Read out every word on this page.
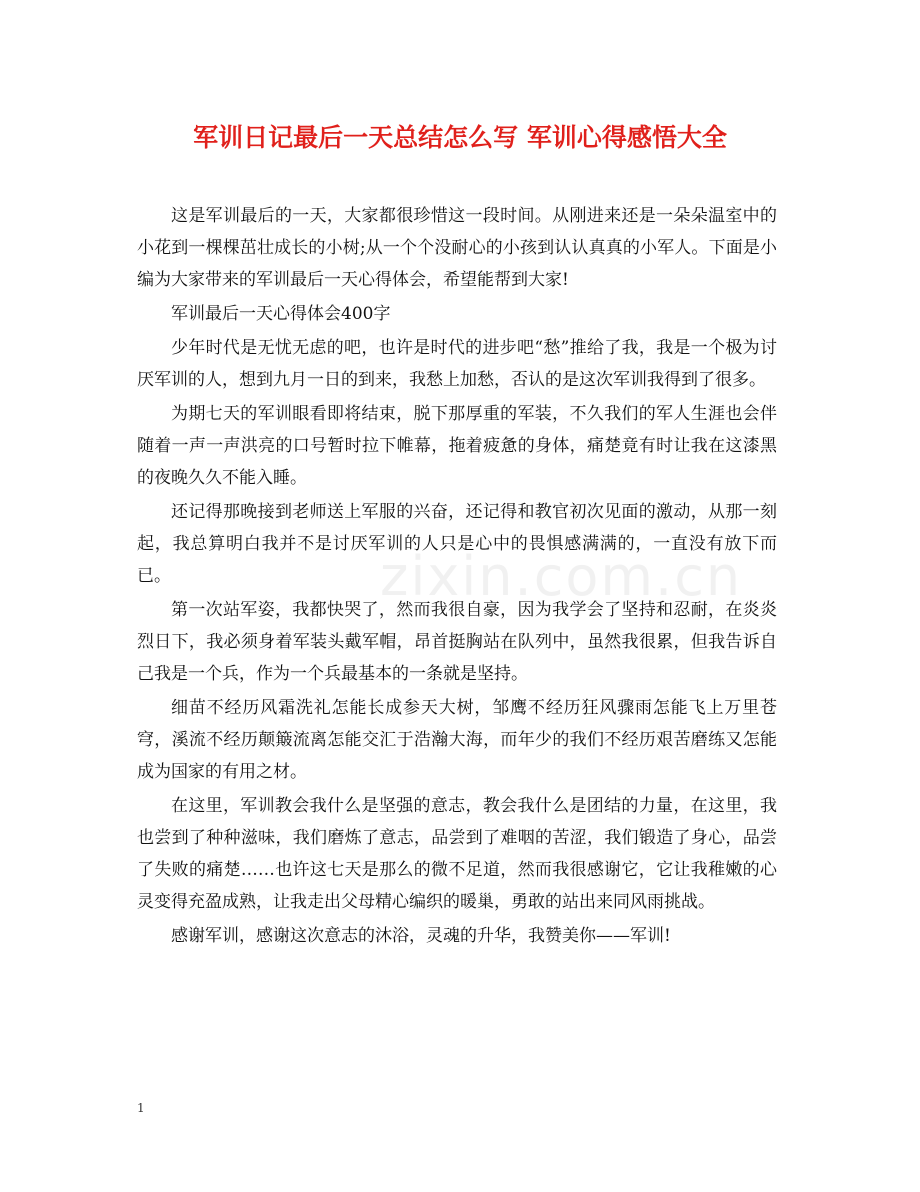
军训日记最后一天总结怎么写 军训心得感悟大全
zixin.com.cn

这是军训最后的一天，大家都很珍惜这一段时间。从刚进来还是一朵朵温室中的小花到一棵棵茁壮成长的小树;从一个个没耐心的小孩到认认真真的小军人。下面是小编为大家带来的军训最后一天心得体会，希望能帮到大家!

军训最后一天心得体会400字

少年时代是无忧无虑的吧，也许是时代的进步吧“愁”推给了我，我是一个极为讨厌军训的人，想到九月一日的到来，我愁上加愁，否认的是这次军训我得到了很多。

为期七天的军训眼看即将结束，脱下那厚重的军装，不久我们的军人生涯也会伴随着一声一声洪亮的口号暂时拉下帷幕，拖着疲惫的身体，痛楚竟有时让我在这漆黑的夜晚久久不能入睡。

还记得那晚接到老师送上军服的兴奋，还记得和教官初次见面的激动，从那一刻起，我总算明白我并不是讨厌军训的人只是心中的畏惧感满满的，一直没有放下而已。

第一次站军姿，我都快哭了，然而我很自豪，因为我学会了坚持和忍耐，在炎炎烈日下，我必须身着军装头戴军帽，昂首挺胸站在队列中，虽然我很累，但我告诉自己我是一个兵，作为一个兵最基本的一条就是坚持。

细苗不经历风霜洗礼怎能长成参天大树，邹鹰不经历狂风骤雨怎能飞上万里苍穹，溪流不经历颠簸流离怎能交汇于浩瀚大海，而年少的我们不经历艰苦磨练又怎能成为国家的有用之材。

在这里，军训教会我什么是坚强的意志，教会我什么是团结的力量，在这里，我也尝到了种种滋味，我们磨炼了意志，品尝到了难咽的苦涩，我们锻造了身心，品尝了失败的痛楚……也许这七天是那么的微不足道，然而我很感谢它，它让我稚嫩的心灵变得充盈成熟，让我走出父母精心编织的暖巢，勇敢的站出来同风雨挑战。

感谢军训，感谢这次意志的沐浴，灵魂的升华，我赞美你——军训!

1
